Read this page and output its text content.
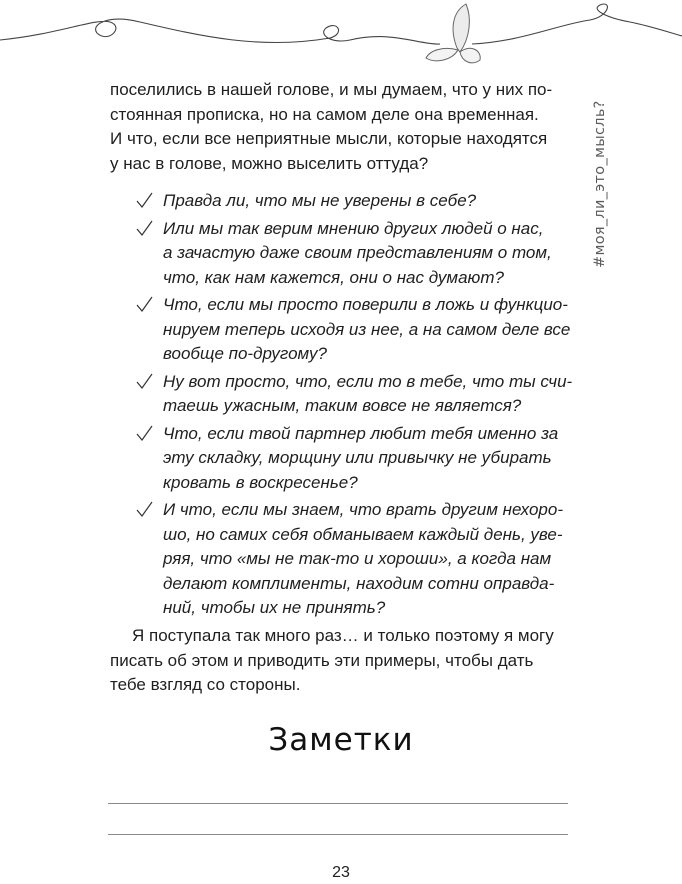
#моя_ли_это_мысль?
поселились в нашей голове, и мы думаем, что у них по-
стоянная прописка, но на самом деле она временная.
И что, если все неприятные мысли, которые находятся
у нас в голове, можно выселить оттуда?
Правда ли, что мы не уверены в себе?
Или мы так верим мнению других людей о нас,
а зачастую даже своим представлениям о том,
что, как нам кажется, они о нас думают?
Что, если мы просто поверили в ложь и функцио-
нируем теперь исходя из нее, а на самом деле все
вообще по-другому?
Ну вот просто, что, если то в тебе, что ты счи-
таешь ужасным, таким вовсе не является?
Что, если твой партнер любит тебя именно за
эту складку, морщину или привычку не убирать
кровать в воскресенье?
И что, если мы знаем, что врать другим нехоро-
шо, но самих себя обманываем каждый день, уве-
ряя, что «мы не так-то и хороши», а когда нам
делают комплименты, находим сотни оправда-
ний, чтобы их не принять?
Я поступала так много раз… и только поэтому я могу
писать об этом и приводить эти примеры, чтобы дать
тебе взгляд со стороны.
Заметки
23
